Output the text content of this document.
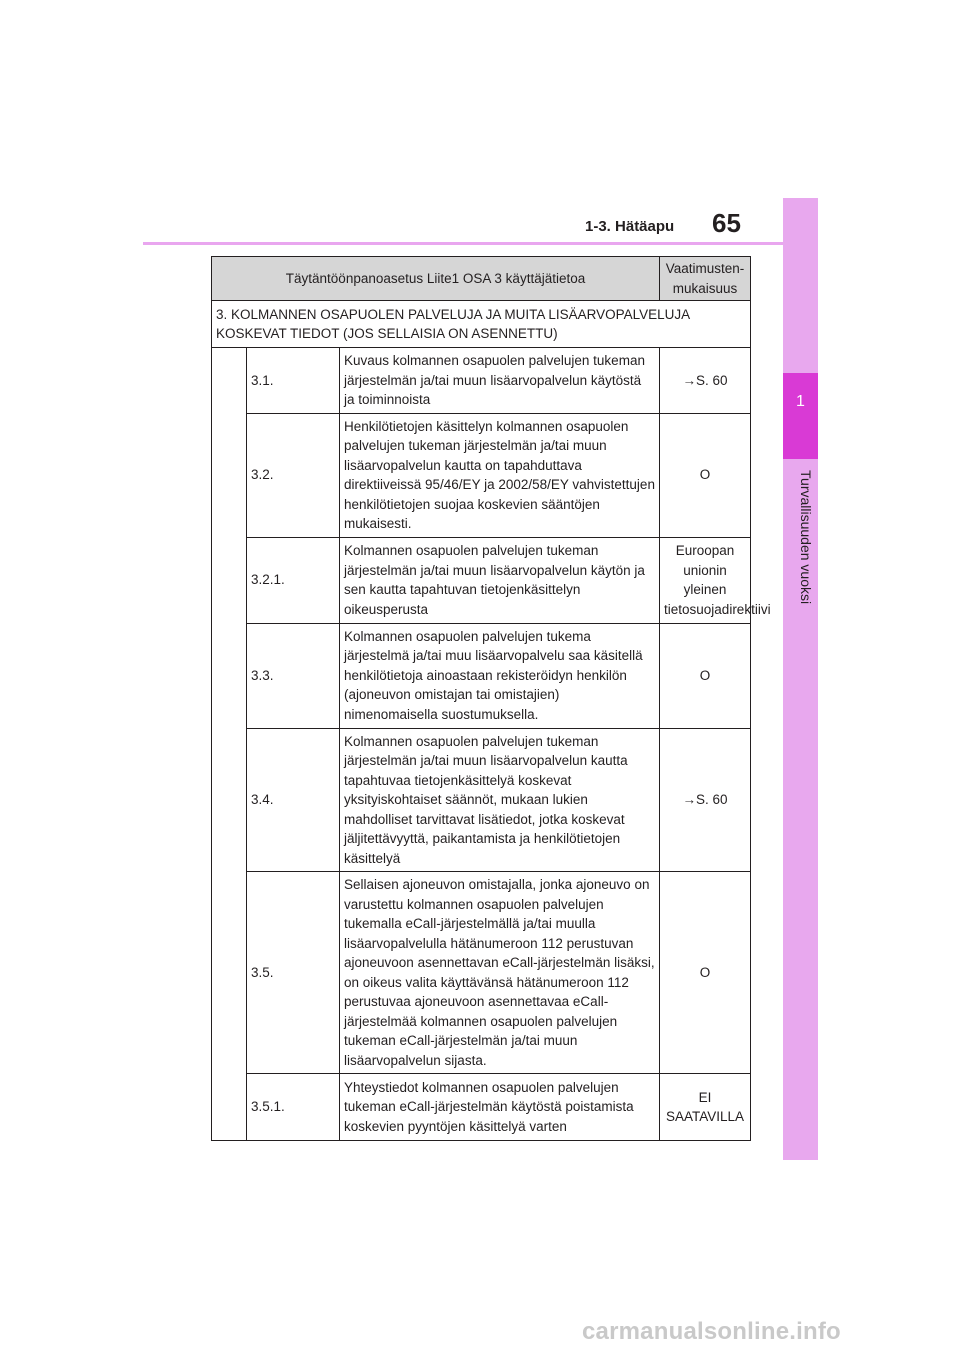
1-3. Hätäapu 65
1
Turvallisuuden vuoksi
Täytäntöönpanoasetus Liite1 OSA 3 käyttäjätietoa			Vaatimusten-mukaisuus
3. KOLMANNEN OSAPUOLEN PALVELUJA JA MUITA LISÄARVOPALVELUJA KOSKEVAT TIEDOT (JOS SELLAISIA ON ASENNETTU)			
	3.1.	Kuvaus kolmannen osapuolen palvelujen tukeman järjestelmän ja/tai muun lisäarvopalvelun käytöstä ja toiminnoista	→S. 60
	3.2.	Henkilötietojen käsittelyn kolmannen osapuolen palvelujen tukeman järjestelmän ja/tai muun lisäarvopalvelun kautta on tapahduttava direktiiveissä 95/46/EY ja 2002/58/EY vahvistettujen henkilötietojen suojaa koskevien sääntöjen mukaisesti.	O
	3.2.1.	Kolmannen osapuolen palvelujen tukeman järjestelmän ja/tai muun lisäarvopalvelun käytön ja sen kautta tapahtuvan tietojenkäsittelyn oikeusperusta	Euroopan unionin yleinen tietosuojadirektiivi
	3.3.	Kolmannen osapuolen palvelujen tukema järjestelmä ja/tai muu lisäarvopalvelu saa käsitellä henkilötietoja ainoastaan rekisteröidyn henkilön (ajoneuvon omistajan tai omistajien) nimenomaisella suostumuksella.	O
	3.4.	Kolmannen osapuolen palvelujen tukeman järjestelmän ja/tai muun lisäarvopalvelun kautta tapahtuvaa tietojenkäsittelyä koskevat yksityiskohtaiset säännöt, mukaan lukien mahdolliset tarvittavat lisätiedot, jotka koskevat jäljitettävyyttä, paikantamista ja henkilötietojen käsittelyä	→S. 60
	3.5.	Sellaisen ajoneuvon omistajalla, jonka ajoneuvo on varustettu kolmannen osapuolen palvelujen tukemalla eCall-järjestelmällä ja/tai muulla lisäarvopalvelulla hätänumeroon 112 perustuvan ajoneuvoon asennettavan eCall-järjestelmän lisäksi, on oikeus valita käyttävänsä hätänumeroon 112 perustuvaa ajoneuvoon asennettavaa eCall-järjestelmää kolmannen osapuolen palvelujen tukeman eCall-järjestelmän ja/tai muun lisäarvopalvelun sijasta.	O
	3.5.1.	Yhteystiedot kolmannen osapuolen palvelujen tukeman eCall-järjestelmän käytöstä poistamista koskevien pyyntöjen käsittelyä varten	EI SAATAVILLA
carmanualsonline.info
